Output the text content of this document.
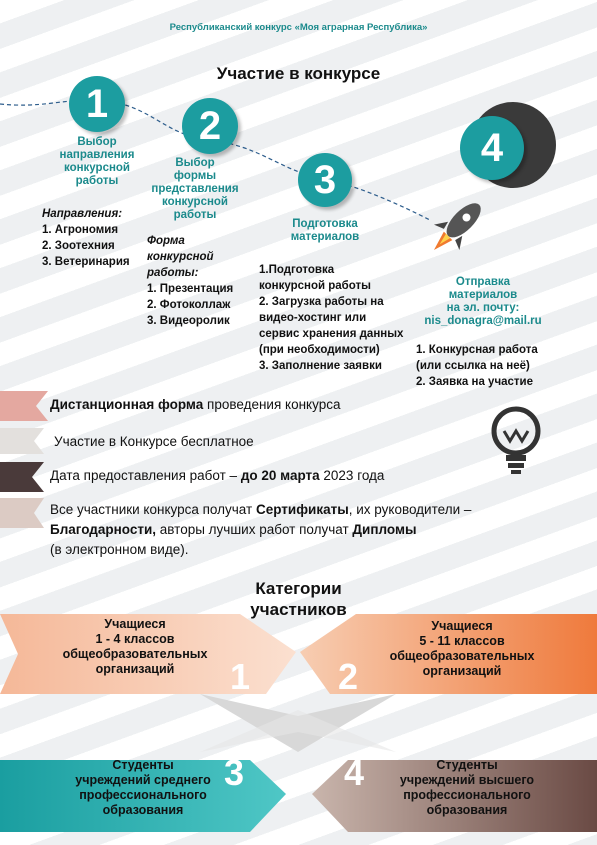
Республиканский конкурс «Моя аграрная Республика»
Участие в конкурсе
1
Выбор
направления
конкурсной
работы
Направления:
1. Агрономия
2. Зоотехния
3. Ветеринария
2
Выбор
формы
представления
конкурсной
работы
Форма
конкурсной
работы:
1. Презентация
2. Фотоколлаж
3. Видеоролик
3
Подготовка
материалов
1.Подготовка
конкурсной работы
2. Загрузка работы на
видео-хостинг или
сервис хранения данных
(при необходимости)
3. Заполнение заявки
4
Отправка
материалов
на эл. почту:
nis_donagra@mail.ru
1. Конкурсная работа
(или ссылка на неё)
2. Заявка на участие
Дистанционная форма проведения конкурса
Участие в Конкурсе бесплатное
Дата предоставления работ – до 20 марта 2023 года
Все участники конкурса получат Сертификаты, их руководители –
Благодарности, авторы лучших работ получат Дипломы
(в электронном виде).
Категории
участников
Учащиеся
1 - 4 классов
общеобразовательных
организаций	1
Учащиеся
5 - 11 классов
общеобразовательных
организаций
2
Студенты
учреждений среднего
профессионального
образования
3	Студенты
учреждений высшего
профессионального
образования
4
